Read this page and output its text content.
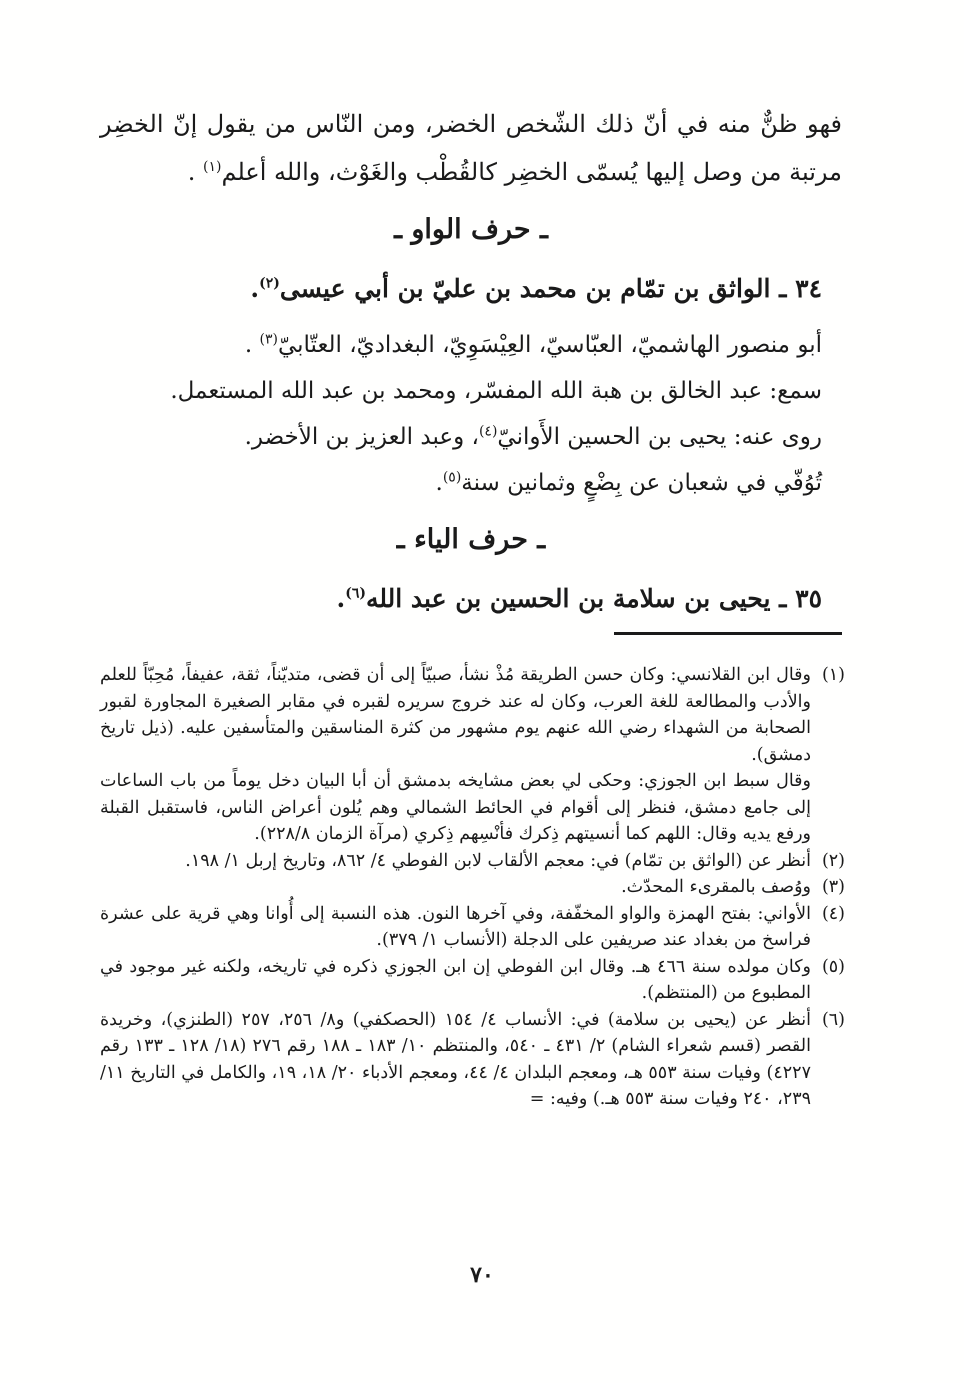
فهو ظنٌّ منه في أنّ ذلك الشّخص الخضر، ومن النّاس من يقول إنّ الخضِر مرتبة من وصل إليها يُسمّى الخضِر كالقُطْب والغَوْث، والله أعلم$^{(١)}$ .

ـ حرف الواو ـ
٣٤ ـ الواثق بن تمّام بن محمد بن عليّ بن أبي عيسى$^{(٢)}$.
أبو منصور الهاشميّ، العبّاسيّ، العِيْسَوِيّ، البغداديّ، العتّابيّ$^{(٣)}$ .
سمع: عبد الخالق بن هبة الله المفسّر، ومحمد بن عبد الله المستعمل.
روى عنه: يحيى بن الحسين الأَوانيّ$^{(٤)}$، وعبد العزيز بن الأخضر.
تُوُفّي في شعبان عن بِضْعٍ وثمانين سنة$^{(٥)}$.
ـ حرف الياء ـ
٣٥ ـ يحيى بن سلامة بن الحسين بن عبد الله$^{(٦)}$.
(١)

وقال ابن القلانسي: وكان حسن الطريقة مُذْ نشأ، صبيّاً إلى أن قضى، متديّناً، ثقة، عفيفاً، مُحِبّاً للعلم والأدب والمطالعة للغة العرب، وكان له عند خروج سريره لقبره في مقابر الصغيرة المجاورة لقبور الصحابة من الشهداء رضي الله عنهم يوم مشهور من كثرة المناسقين والمتأسفين عليه. (ذيل تاريخ دمشق).

وقال سبط ابن الجوزي: وحكى لي بعض مشايخه بدمشق أن أبا البيان دخل يوماً من باب الساعات إلى جامع دمشق، فنظر إلى أقوام في الحائط الشمالي وهم يُلون أعراض الناس، فاستقبل القبلة ورفع يديه وقال: اللهم كما أنسيتهم ذِكرك فأنْسِهم ذِكري (مرآة الزمان ٢٢٨/٨).

(٢)
أنظر عن (الواثق بن تمّام) في: معجم الألقاب لابن الفوطي ٤/ ٨٦٢، وتاريخ إربل ١/ ١٩٨.
(٣)
ووُصف بالمقرىء المحدّث.
(٤)
الأواني: بفتح الهمزة والواو المخفّفة، وفي آخرها النون. هذه النسبة إلى أُوانا وهي قرية على عشرة فراسخ من بغداد عند صريفين على الدجلة (الأنساب ١/ ٣٧٩).
(٥)
وكان مولده سنة ٤٦٦ هـ. وقال ابن الفوطي إن ابن الجوزي ذكره في تاريخه، ولكنه غير موجود في المطبوع من (المنتظم).
(٦)
أنظر عن (يحيى بن سلامة) في: الأنساب ٤/ ١٥٤ (الحصكفي) و٨/ ٢٥٦، ٢٥٧ (الطنزي)، وخريدة القصر (قسم شعراء الشام) ٢/ ٤٣١ ـ ٥٤٠، والمنتظم ١٠/ ١٨٣ ـ ١٨٨ رقم ٢٧٦ (١٨/ ١٢٨ ـ ١٣٣ رقم ٤٢٢٧) وفيات سنة ٥٥٣ هـ، ومعجم البلدان ٤/ ٤٤، ومعجم الأدباء ٢٠/ ١٨، ١٩، والكامل في التاريخ ١١/ ٢٣٩، ٢٤٠ وفيات سنة ٥٥٣ هـ.) وفيه: =
٧٠
